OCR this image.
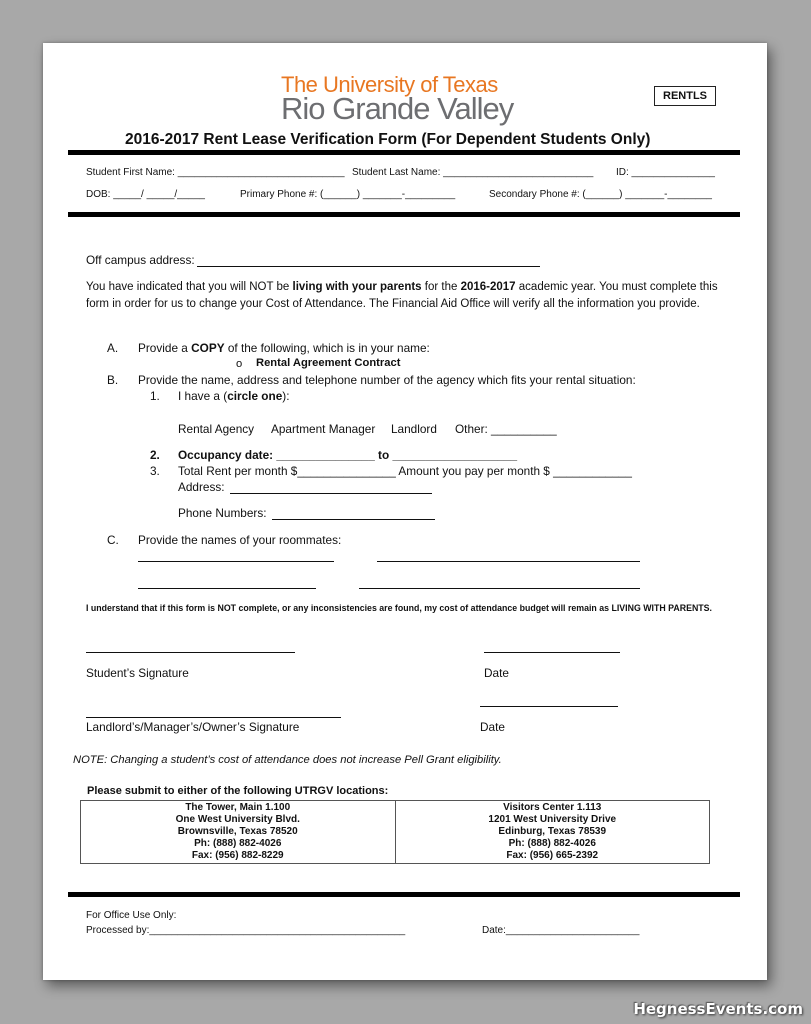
The University of Texas
Rio Grande Valley	RENTLS
2016-2017 Rent Lease Verification Form (For Dependent Students Only)
Student First Name: ______________________________ Student Last Name: ___________________________ ID: _______________
DOB: _____/ _____/_____	Primary Phone #: (______) _______-_________	Secondary Phone #: (______) _______-________
Off campus address:
You have indicated that you will NOT be living with your parents for the 2016-2017 academic year. You must complete this form in order for us to change your Cost of Attendance. The Financial Aid Office will verify all the information you provide.
A. Provide a COPY of the following, which is in your name:
o Rental Agreement Contract
B. Provide the name, address and telephone number of the agency which fits your rental situation:
1. I have a (circle one):
Rental Agency Apartment Manager Landlord Other: __________
2. Occupancy date: _______________ to ___________________
3. Total Rent per month $_______________ Amount you pay per month $ ____________
Address:
Phone Numbers:
C. Provide the names of your roommates:
I understand that if this form is NOT complete, or any inconsistencies are found, my cost of attendance budget will remain as LIVING WITH PARENTS.
Student’s Signature	Date
Landlord’s/Manager’s/Owner’s Signature	Date
NOTE: Changing a student’s cost of attendance does not increase Pell Grant eligibility.
Please submit to either of the following UTRGV locations:
The Tower, Main 1.100
One West University Blvd.
Brownsville, Texas 78520
Ph: (888) 882-4026
Fax: (956) 882-8229
Visitors Center 1.113
1201 West University Drive
Edinburg, Texas 78539
Ph: (888) 882-4026
Fax: (956) 665-2392
For Office Use Only:
Processed by:______________________________________________	Date:________________________
HegnessEvents.com
